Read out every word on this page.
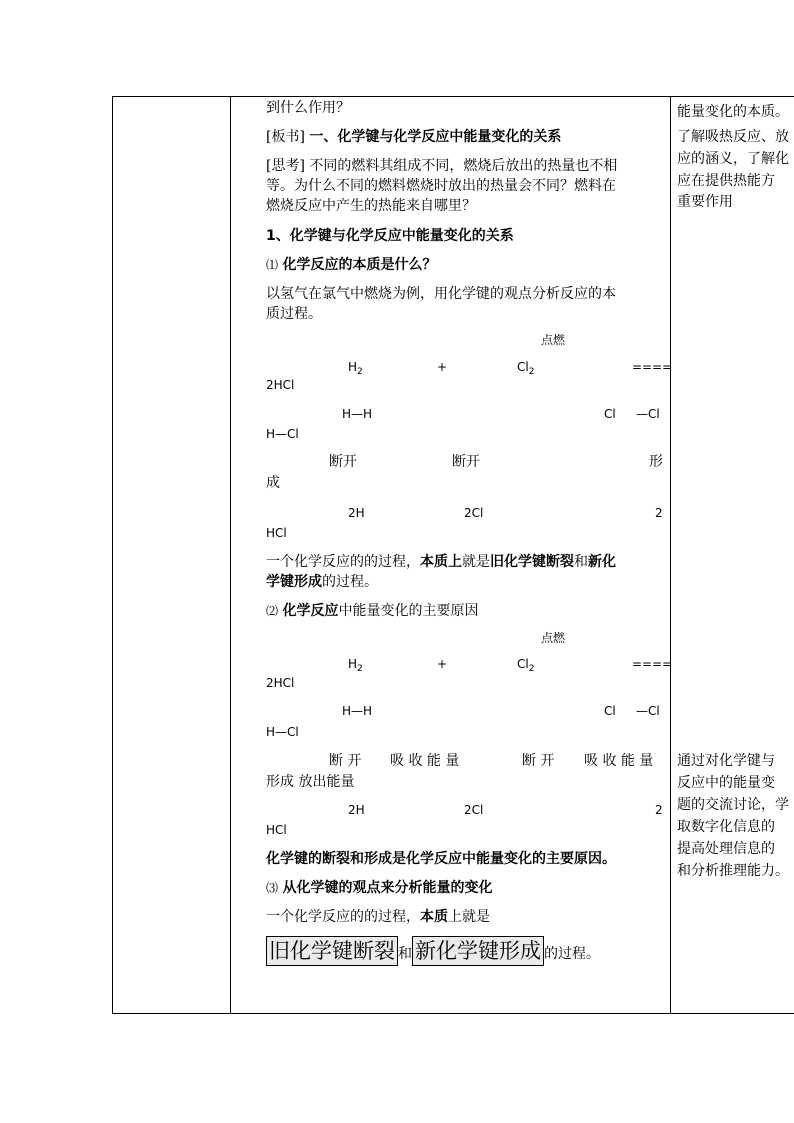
到什么作用？
[板书] 一、化学键与化学反应中能量变化的关系
[思考] 不同的燃料其组成不同，燃烧后放出的热量也不相
等。为什么不同的燃料燃烧时放出的热量会不同？燃料在
燃烧反应中产生的热能来自哪里？
1、化学键与化学反应中能量变化的关系
⑴ 化学反应的本质是什么？
以氢气在氯气中燃烧为例，用化学键的观点分析反应的本
质过程。
点燃
$H_2$	+	$Cl_2$	====
2HCl
H—H	Cl —Cl
H—Cl
断开	断开	形
成
2H	2Cl	2
HCl
一个化学反应的的过程，本质上就是旧化学键断裂和新化
学键形成的过程。
⑵ 化学反应中能量变化的主要原因
点燃
$H_2$	+	$Cl_2$	====
2HCl
H—H	Cl —Cl
H—Cl
断 开 吸 收 能 量	断 开 吸 收 能 量
形成 放出能量
2H	2Cl	2
HCl
化学键的断裂和形成是化学反应中能量变化的主要原因。
⑶ 从化学键的观点来分析能量的变化
一个化学反应的的过程，本质上就是
旧化学键断裂 和 新化学键形成 的过程。
能量变化的本质。
了解吸热反应、放
应的涵义，了解化
应在提供热能方
重要作用
通过对化学键与
反应中的能量变
题的交流讨论，学
取数字化信息的
提高处理信息的
和分析推理能力。
